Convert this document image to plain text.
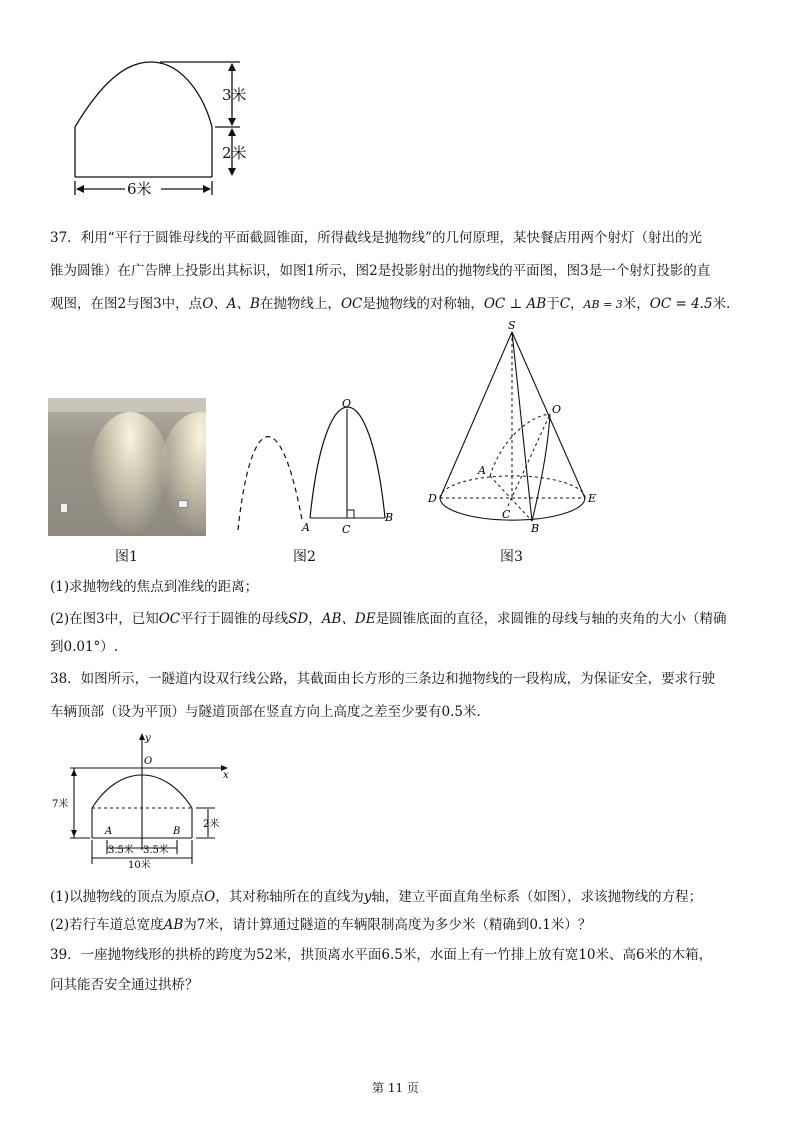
3米
2米
6米
37．利用“平行于圆锥母线的平面截圆锥面，所得截线是抛物线”的几何原理，某快餐店用两个射灯（射出的光
锥为圆锥）在广告牌上投影出其标识，如图1所示，图2是投影射出的抛物线的平面图，图3是一个射灯投影的直
观图，在图2与图3中，点O、A、B在抛物线上，OC是抛物线的对称轴，OC ⊥ AB于C，AB = 3米，OC = 4.5米.
图1
O
A	C
B
图2
S
O
A
D
C
E
B
图3
(1)求抛物线的焦点到准线的距离；
(2)在图3中，已知OC平行于圆锥的母线SD，AB、DE是圆锥底面的直径，求圆锥的母线与轴的夹角的大小（精确
到0.01°）.
38．如图所示，一隧道内设双行线公路，其截面由长方形的三条边和抛物线的一段构成，为保证安全，要求行驶
车辆顶部（设为平顶）与隧道顶部在竖直方向上高度之差至少要有0.5米.
y
x
O
7米
2米
A	B
3.5米 3.5米
10米
(1)以抛物线的顶点为原点O，其对称轴所在的直线为y轴，建立平面直角坐标系（如图），求该抛物线的方程；
(2)若行车道总宽度AB为7米，请计算通过隧道的车辆限制高度为多少米（精确到0.1米）？
39．一座抛物线形的拱桥的跨度为52米，拱顶离水平面6.5米，水面上有一竹排上放有宽10米、高6米的木箱，
问其能否安全通过拱桥？
第 11 页
